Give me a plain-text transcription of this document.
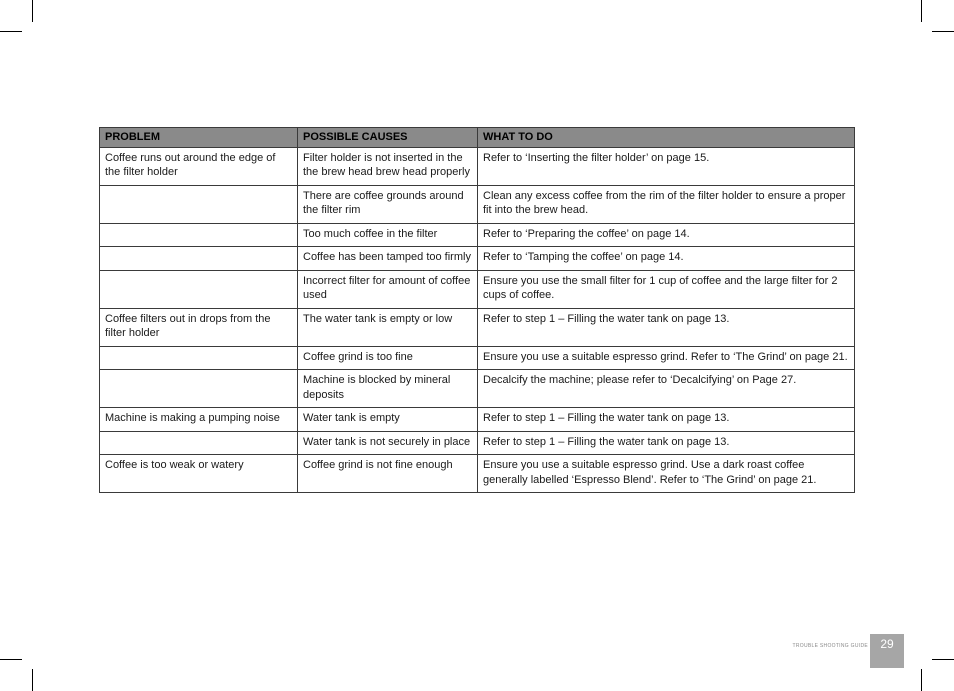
PROBLEM	POSSIBLE CAUSES	WHAT TO DO
Coffee runs out around the edge of the filter holder	Filter holder is not inserted in the the brew head brew head properly	Refer to ‘Inserting the filter holder’ on page 15.
	There are coffee grounds around the filter rim	Clean any excess coffee from the rim of the filter holder to ensure a proper fit into the brew head.
	Too much coffee in the filter	Refer to ‘Preparing the coffee’ on page 14.
	Coffee has been tamped too firmly	Refer to ‘Tamping the coffee’ on page 14.
	Incorrect filter for amount of coffee used	Ensure you use the small filter for 1 cup of coffee and the large filter for 2 cups of coffee.
Coffee filters out in drops from the filter holder	The water tank is empty or low	Refer to step 1 – Filling the water tank on page 13.
	Coffee grind is too fine	Ensure you use a suitable espresso grind. Refer to ‘The Grind’ on page 21.
	Machine is blocked by mineral deposits	Decalcify the machine; please refer to ‘Decalcifying’ on Page 27.
Machine is making a pumping noise	Water tank is empty	Refer to step 1 – Filling the water tank on page 13.
	Water tank is not securely in place	Refer to step 1 – Filling the water tank on page 13.
Coffee is too weak or watery	Coffee grind is not fine enough	Ensure you use a suitable espresso grind. Use a dark roast coffee generally labelled ‘Espresso Blend’. Refer to ‘The Grind’ on page 21.
TROUBLE SHOOTING GUIDE	29
